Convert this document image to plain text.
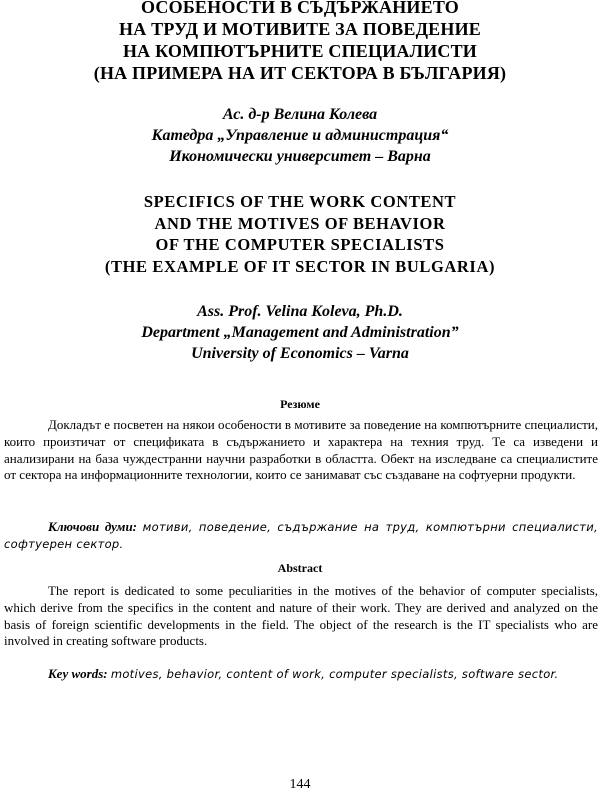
ОСОБЕНОСТИ В СЪДЪРЖАНИЕТО
НА ТРУД И МОТИВИТЕ ЗА ПОВЕДЕНИЕ
НА КОМПЮТЪРНИТЕ СПЕЦИАЛИСТИ
(НА ПРИМЕРА НА ИТ СЕКТОРА В БЪЛГАРИЯ)
Ас. д-р Велина Колева
Катедра „Управление и администрация“
Икономически университет – Варна
SPECIFICS OF THE WORK CONTENT
AND THE MOTIVES OF BEHAVIOR
OF THE COMPUTER SPECIALISTS
(THE EXAMPLE OF IT SECTOR IN BULGARIA)
Ass. Prof. Velina Koleva, Ph.D.
Department „Management and Administration”
University of Economics – Varna
Резюме
Докладът е посветен на някои особености в мотивите за поведение на компютърните специалисти, които произтичат от спецификата в съдържанието и характера на техния труд. Те са изведени и анализирани на база чуждестранни научни разработки в областта. Обект на изследване са специалистите от сектора на информационните технологии, които се занимават със създаване на софтуерни продукти.
Ключови думи: мотиви, поведение, съдържание на труд, компютърни специалисти, софтуерен сектор.
Abstract
The report is dedicated to some peculiarities in the motives of the behavior of computer specialists, which derive from the specifics in the content and nature of their work. They are derived and analyzed on the basis of foreign scientific developments in the field. The object of the research is the IT specialists who are involved in creating software products.
Key words: motives, behavior, content of work, computer specialists, software sector.
144
